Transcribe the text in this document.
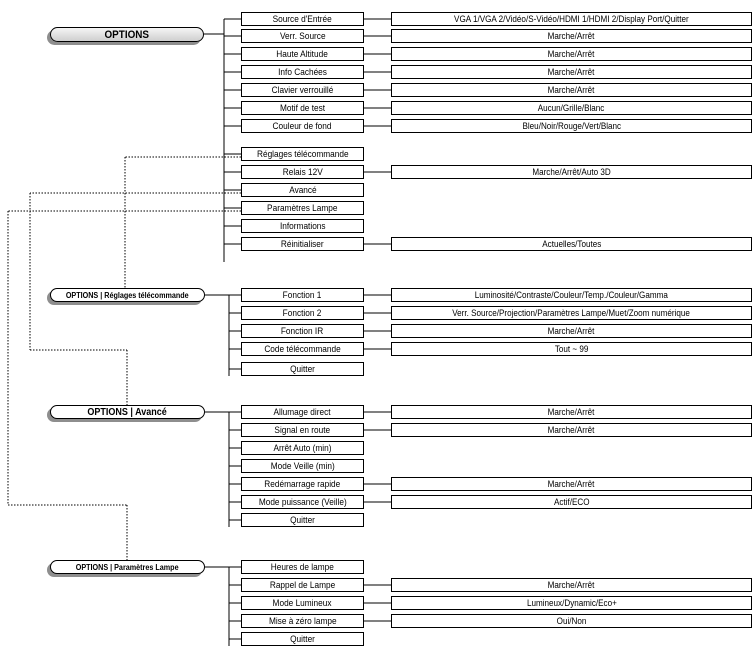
OPTIONS
OPTIONS | Réglages télécommande
OPTIONS | Avancé
OPTIONS | Paramètres Lampe
Source d'Entrée	VGA 1/VGA 2/Vidéo/S-Vidéo/HDMI 1/HDMI 2/Display Port/Quitter
Verr. Source	Marche/Arrêt
Haute Altitude	Marche/Arrêt
Info Cachées	Marche/Arrêt
Clavier verrouillé	Marche/Arrêt
Motif de test	Aucun/Grille/Blanc
Couleur de fond	Bleu/Noir/Rouge/Vert/Blanc
Réglages télécommande
Relais 12V	Marche/Arrêt/Auto 3D
Avancé
Paramètres Lampe
Informations
Réinitialiser	Actuelles/Toutes
Fonction 1	Luminosité/Contraste/Couleur/Temp./Couleur/Gamma
Fonction 2	Verr. Source/Projection/Paramètres Lampe/Muet/Zoom numérique
Fonction IR	Marche/Arrêt
Code télécommande	Tout ~ 99
Quitter
Allumage direct	Marche/Arrêt
Signal en route	Marche/Arrêt
Arrêt Auto (min)
Mode Veille (min)
Redémarrage rapide	Marche/Arrêt
Mode puissance (Veille)	Actif/ECO
Quitter
Heures de lampe
Rappel de Lampe	Marche/Arrêt
Mode Lumineux	Lumineux/Dynamic/Eco+
Mise à zéro lampe	Oui/Non
Quitter
